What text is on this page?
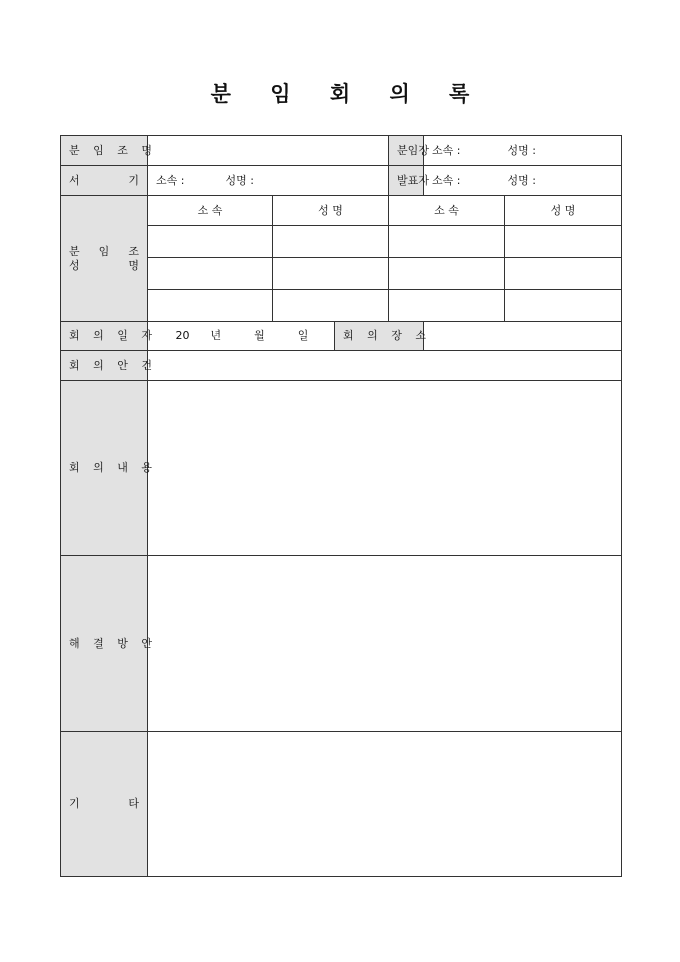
분 임 회 의 록
분 임 조 명				분 임 장	소속 : 성명 :	

서 기	소속 : 성명 :			발 표 자	소속 : 성명 :	

분 임 조
성 명	소 속	성 명		소 속		성 명

회 의 일 자	20 년 월 일		회 의 장 소			
회 의 안 건						
회 의 내 용						
해 결 방 안						

기 타						
